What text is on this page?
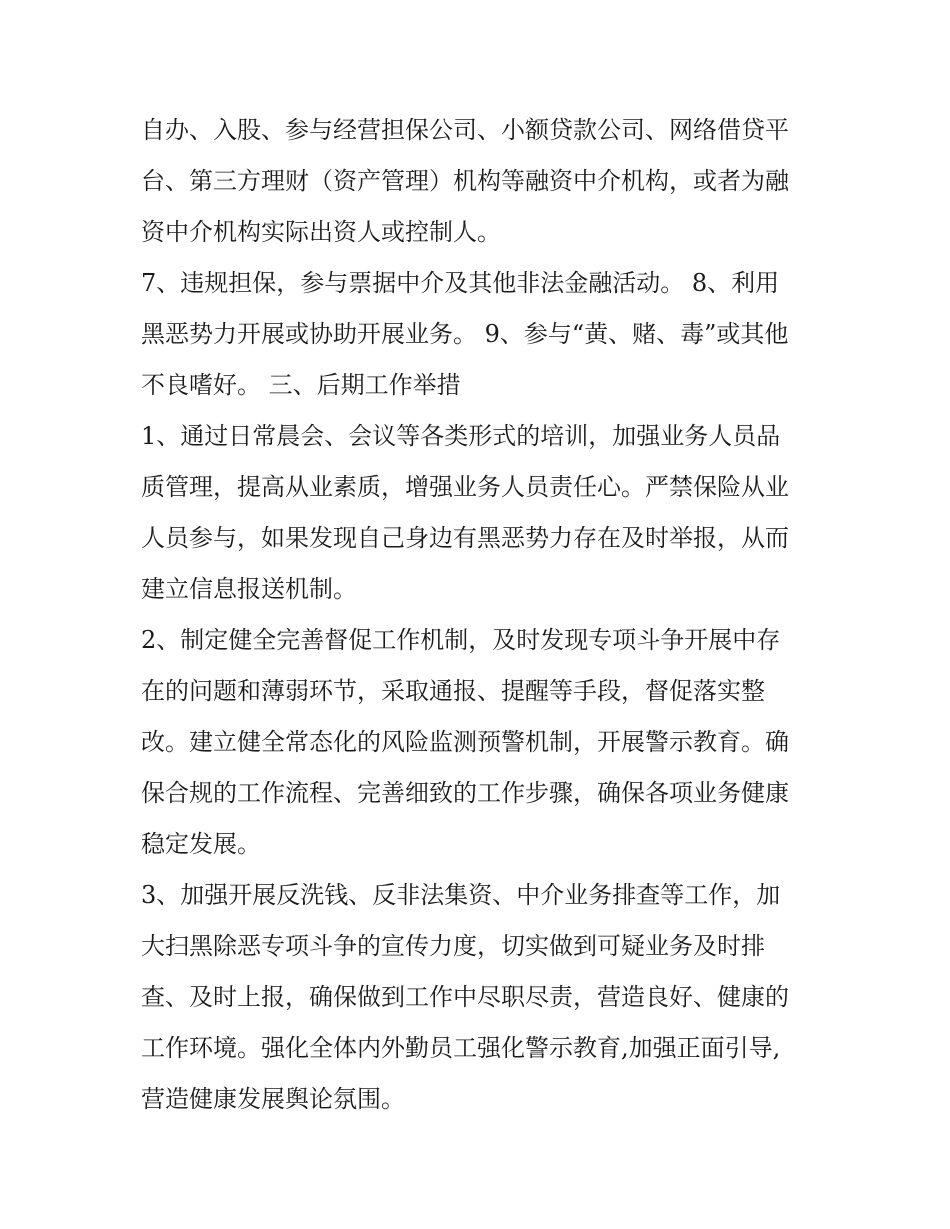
自办、入股、参与经营担保公司、小额贷款公司、网络借贷平
台、第三方理财（资产管理）机构等融资中介机构，或者为融
资中介机构实际出资人或控制人。
7、违规担保，参与票据中介及其他非法金融活动。 8、利用
黑恶势力开展或协助开展业务。 9、参与“黄、赌、毒”或其他
不良嗜好。 三、后期工作举措
1、通过日常晨会、会议等各类形式的培训，加强业务人员品
质管理，提高从业素质，增强业务人员责任心。严禁保险从业
人员参与，如果发现自己身边有黑恶势力存在及时举报，从而
建立信息报送机制。
2、制定健全完善督促工作机制，及时发现专项斗争开展中存
在的问题和薄弱环节，采取通报、提醒等手段，督促落实整
改。建立健全常态化的风险监测预警机制，开展警示教育。确
保合规的工作流程、完善细致的工作步骤，确保各项业务健康
稳定发展。
3、加强开展反洗钱、反非法集资、中介业务排查等工作，加
大扫黑除恶专项斗争的宣传力度，切实做到可疑业务及时排
查、及时上报，确保做到工作中尽职尽责，营造良好、健康的
工作环境。强化全体内外勤员工强化警示教育,加强正面引导,
营造健康发展舆论氛围。
